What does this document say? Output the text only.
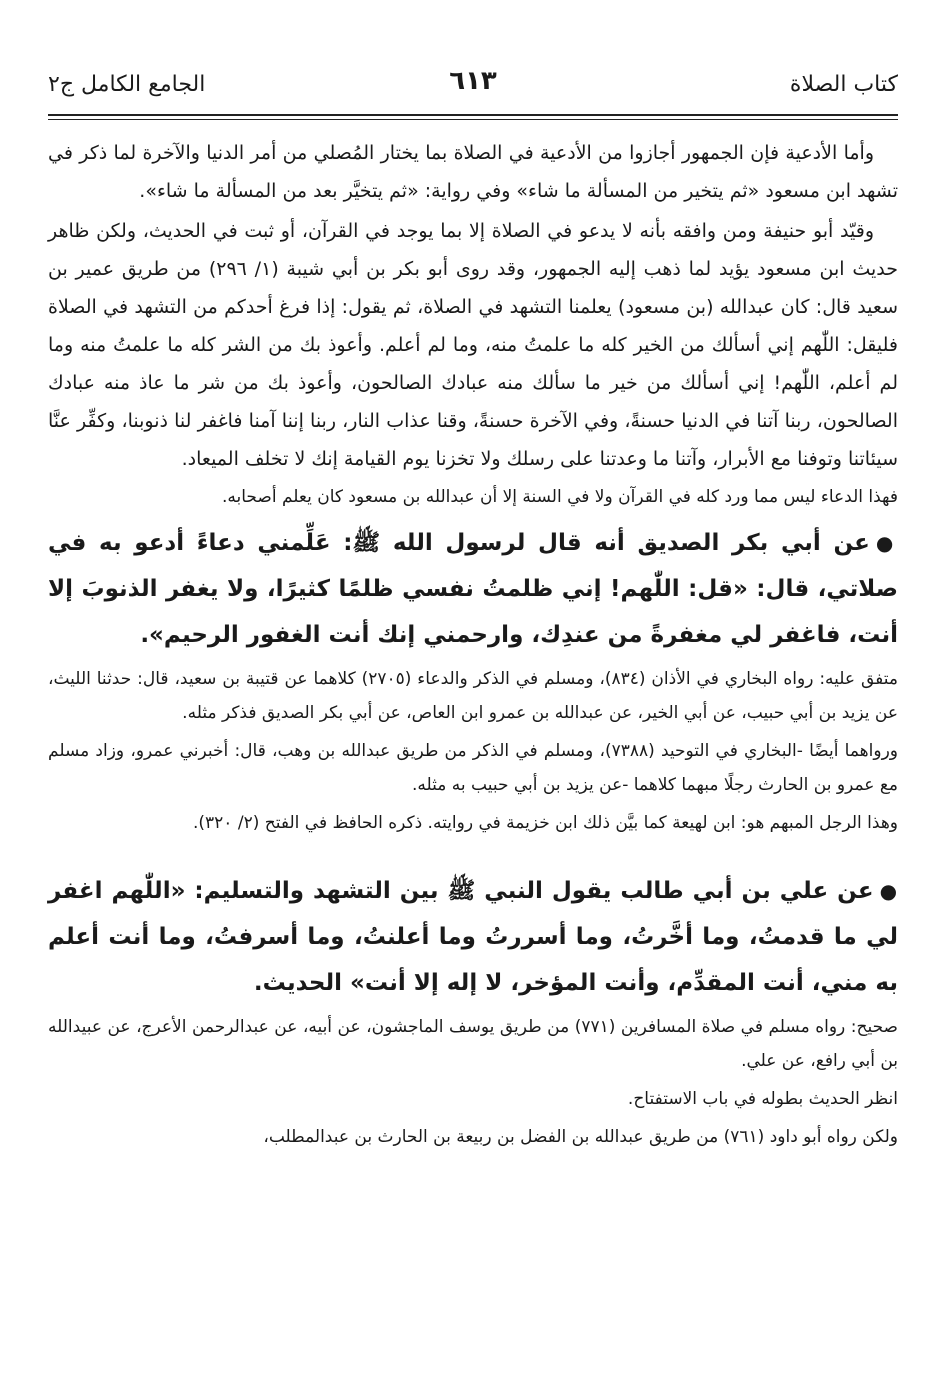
كتاب الصلاة
٦١٣
الجامع الكامل ج٢

وأما الأدعية فإن الجمهور أجازوا من الأدعية في الصلاة بما يختار المُصلي من أمر الدنيا والآخرة لما ذكر في تشهد ابن مسعود «ثم يتخير من المسألة ما شاء» وفي رواية: «ثم يتخيَّر بعد من المسألة ما شاء».

وقيّد أبو حنيفة ومن وافقه بأنه لا يدعو في الصلاة إلا بما يوجد في القرآن، أو ثبت في الحديث، ولكن ظاهر حديث ابن مسعود يؤيد لما ذهب إليه الجمهور، وقد روى أبو بكر بن أبي شيبة (١/ ٢٩٦) من طريق عمير بن سعيد قال: كان عبدالله (بن مسعود) يعلمنا التشهد في الصلاة، ثم يقول: إذا فرغ أحدكم من التشهد في الصلاة فليقل: اللّٰهم إني أسألك من الخير كله ما علمتُ منه، وما لم أعلم. وأعوذ بك من الشر كله ما علمتُ منه وما لم أعلم، اللّٰهم! إني أسألك من خير ما سألك منه عبادك الصالحون، وأعوذ بك من شر ما عاذ منه عبادك الصالحون، ربنا آتنا في الدنيا حسنةً، وفي الآخرة حسنةً، وقنا عذاب النار، ربنا إننا آمنا فاغفر لنا ذنوبنا، وكفِّر عنَّا سيئاتنا وتوفنا مع الأبرار، وآتنا ما وعدتنا على رسلك ولا تخزنا يوم القيامة إنك لا تخلف الميعاد.

فهذا الدعاء ليس مما ورد كله في القرآن ولا في السنة إلا أن عبدالله بن مسعود كان يعلم أصحابه.

●عن أبي بكر الصديق أنه قال لرسول الله ﷺ: عَلِّمني دعاءً أدعو به في صلاتي، قال: «قل: اللّٰهم! إني ظلمتُ نفسي ظلمًا كثيرًا، ولا يغفر الذنوبَ إلا أنت، فاغفر لي مغفرةً من عندِك، وارحمني إنك أنت الغفور الرحيم».

متفق عليه: رواه البخاري في الأذان (٨٣٤)، ومسلم في الذكر والدعاء (٢٧٠٥) كلاهما عن قتيبة بن سعيد، قال: حدثنا الليث، عن يزيد بن أبي حبيب، عن أبي الخير، عن عبدالله بن عمرو ابن العاص، عن أبي بكر الصديق فذكر مثله.

ورواهما أيضًا -البخاري في التوحيد (٧٣٨٨)، ومسلم في الذكر من طريق عبدالله بن وهب، قال: أخبرني عمرو، وزاد مسلم مع عمرو بن الحارث رجلًا مبهما كلاهما -عن يزيد بن أبي حبيب به مثله.

وهذا الرجل المبهم هو: ابن لهيعة كما بيَّن ذلك ابن خزيمة في روايته. ذكره الحافظ في الفتح (٢/ ٣٢٠).

●عن علي بن أبي طالب يقول النبي ﷺ بين التشهد والتسليم: «اللّٰهم اغفر لي ما قدمتُ، وما أخَّرتُ، وما أسررتُ وما أعلنتُ، وما أسرفتُ، وما أنت أعلم به مني، أنت المقدِّم، وأنت المؤخر، لا إله إلا أنت» الحديث.

صحيح: رواه مسلم في صلاة المسافرين (٧٧١) من طريق يوسف الماجشون، عن أبيه، عن عبدالرحمن الأعرج، عن عبيدالله بن أبي رافع، عن علي.

انظر الحديث بطوله في باب الاستفتاح.

ولكن رواه أبو داود (٧٦١) من طريق عبدالله بن الفضل بن ربيعة بن الحارث بن عبدالمطلب،
